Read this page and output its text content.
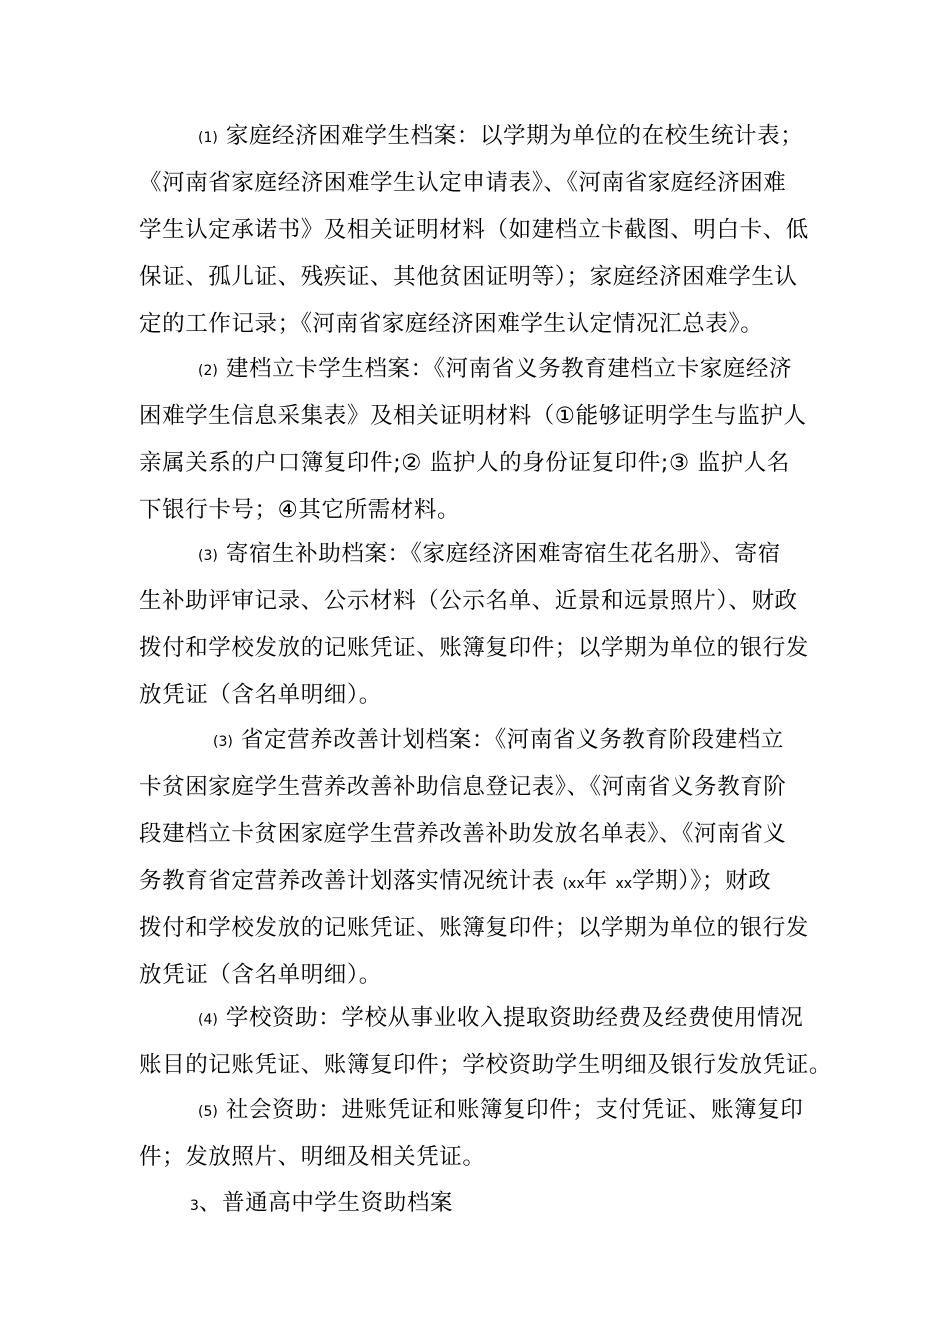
(1) 家庭经济困难学生档案：以学期为单位的在校生统计表；
《河南省家庭经济困难学生认定申请表》、《河南省家庭经济困难
学生认定承诺书》及相关证明材料（如建档立卡截图、明白卡、低
保证、孤儿证、残疾证、其他贫困证明等）；家庭经济困难学生认
定的工作记录；《河南省家庭经济困难学生认定情况汇总表》。
(2) 建档立卡学生档案：《河南省义务教育建档立卡家庭经济
困难学生信息采集表》及相关证明材料（①能够证明学生与监护人
亲属关系的户口簿复印件;② 监护人的身份证复印件;③ 监护人名
下银行卡号；④其它所需材料。
(3) 寄宿生补助档案：《家庭经济困难寄宿生花名册》、寄宿
生补助评审记录、公示材料（公示名单、近景和远景照片）、财政
拨付和学校发放的记账凭证、账簿复印件；以学期为单位的银行发
放凭证（含名单明细）。
(3) 省定营养改善计划档案：《河南省义务教育阶段建档立
卡贫困家庭学生营养改善补助信息登记表》、《河南省义务教育阶
段建档立卡贫困家庭学生营养改善补助发放名单表》、《河南省义
务教育省定营养改善计划落实情况统计表 (xx年 xx学期）》；财政
拨付和学校发放的记账凭证、账簿复印件；以学期为单位的银行发
放凭证（含名单明细）。
(4) 学校资助：学校从事业收入提取资助经费及经费使用情况
账目的记账凭证、账簿复印件；学校资助学生明细及银行发放凭证。
(5) 社会资助：进账凭证和账簿复印件；支付凭证、账簿复印
件；发放照片、明细及相关凭证。
3、普通高中学生资助档案
